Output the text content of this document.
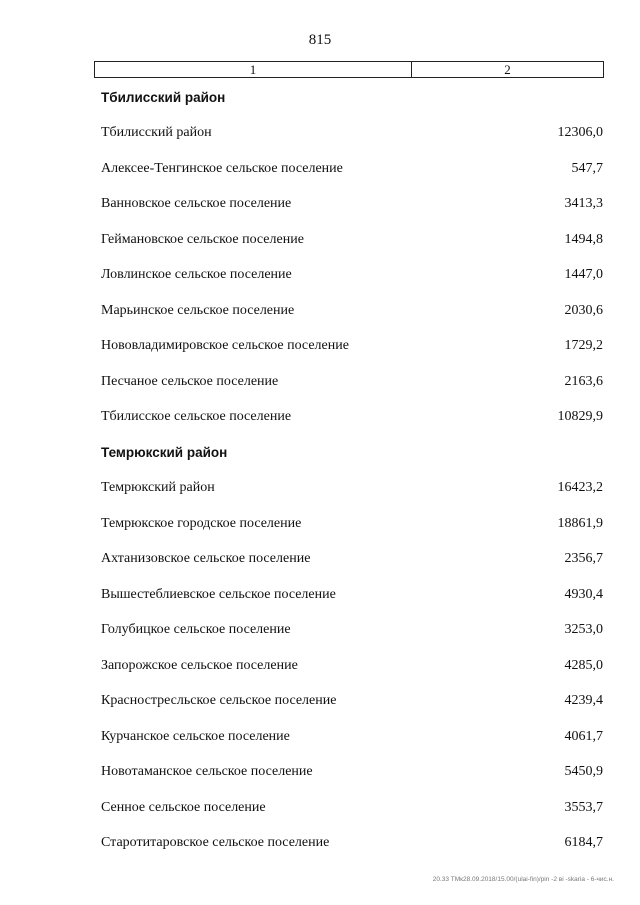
815
1	2
Тбилисский район
Тбилисский район	12306,0
Алексее-Тенгинское сельское поселение	547,7
Ванновское сельское поселение	3413,3
Геймановское сельское поселение	1494,8
Ловлинское сельское поселение	1447,0
Марьинское сельское поселение	2030,6
Нововладимировское сельское поселение	1729,2
Песчаное сельское поселение	2163,6
Тбилисское сельское поселение	10829,9
Темрюкский район
Темрюкский район	16423,2
Темрюкское городское поселение	18861,9
Ахтанизовское сельское поселение	2356,7
Вышестеблиевское сельское поселение	4930,4
Голубицкое сельское поселение	3253,0
Запорожское сельское поселение	4285,0
Красностресльское сельское поселение	4239,4
Курчанское сельское поселение	4061,7
Новотаманское сельское поселение	5450,9
Сенное сельское поселение	3553,7
Старотитаровское сельское поселение	6184,7
20.33 ТМк28.09.2018/15.00/(ulai-fin)/pin -2 вi -skaria - 6-чис.н.
